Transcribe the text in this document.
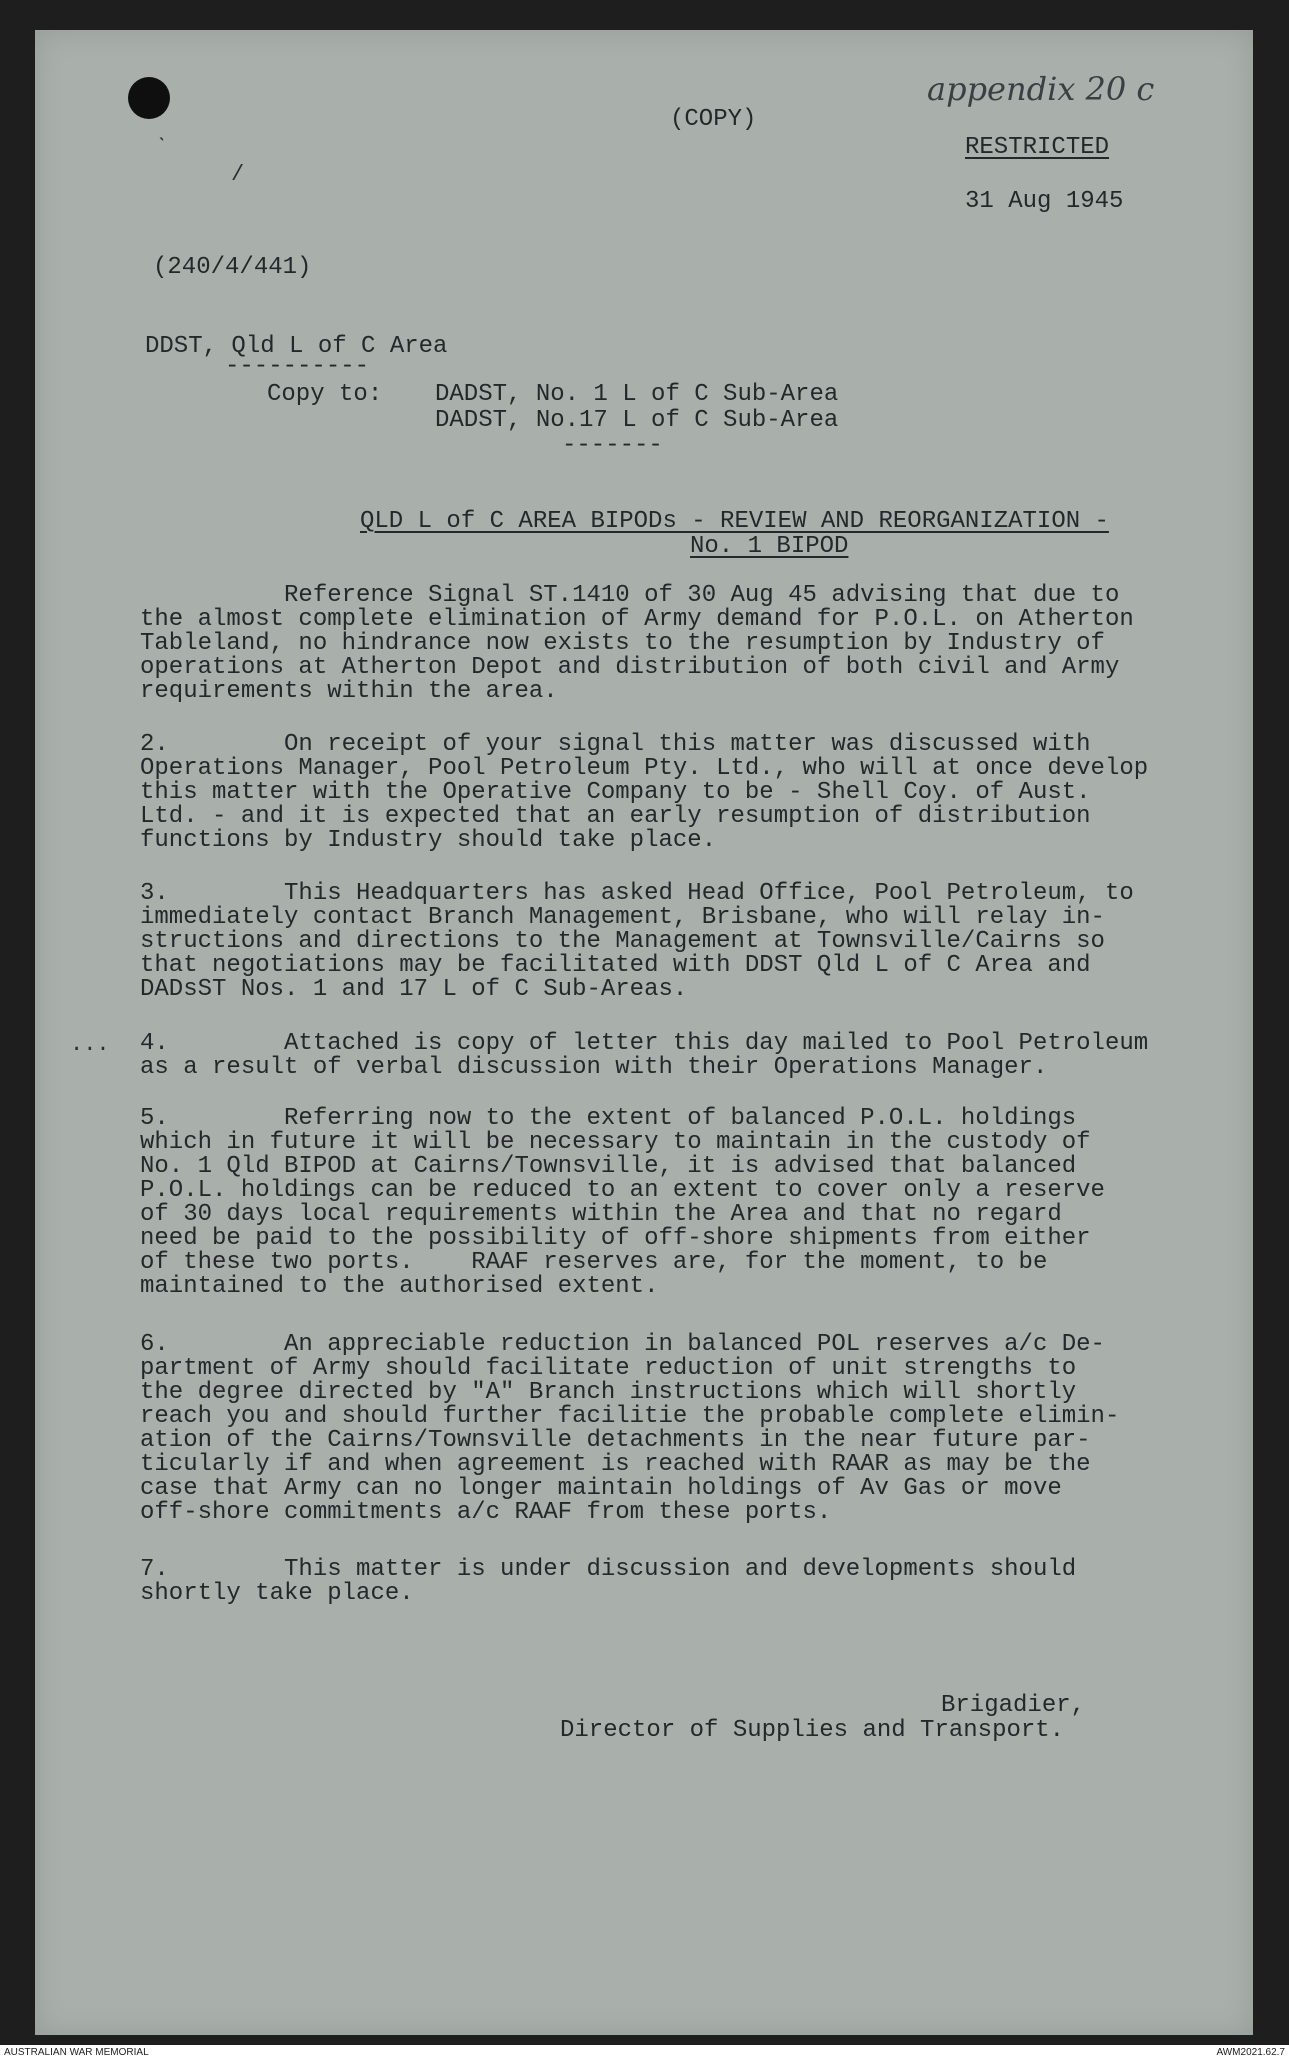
ˎ
/
appendix 20 c
(COPY)
RESTRICTED
31 Aug 1945
(240/4/441)
DDST, Qld L of C Area
----------
Copy to: DADST, No. 1 L of C Sub-Area
DADST, No.17 L of C Sub-Area
-------
QLD L of C AREA BIPODs - REVIEW AND REORGANIZATION -
No. 1 BIPOD
Reference Signal ST.1410 of 30 Aug 45 advising that due to
the almost complete elimination of Army demand for P.O.L. on Atherton
Tableland, no hindrance now exists to the resumption by Industry of
operations at Atherton Depot and distribution of both civil and Army
requirements within the area.
2.        On receipt of your signal this matter was discussed with
Operations Manager, Pool Petroleum Pty. Ltd., who will at once develop
this matter with the Operative Company to be - Shell Coy. of Aust.
Ltd. - and it is expected that an early resumption of distribution
functions by Industry should take place.
3.        This Headquarters has asked Head Office, Pool Petroleum, to
immediately contact Branch Management, Brisbane, who will relay in-
structions and directions to the Management at Townsville/Cairns so
that negotiations may be facilitated with DDST Qld L of C Area and
DADsST Nos. 1 and 17 L of C Sub-Areas.
... 4.        Attached is copy of letter this day mailed to Pool Petroleum
as a result of verbal discussion with their Operations Manager.
5.        Referring now to the extent of balanced P.O.L. holdings
which in future it will be necessary to maintain in the custody of
No. 1 Qld BIPOD at Cairns/Townsville, it is advised that balanced
P.O.L. holdings can be reduced to an extent to cover only a reserve
of 30 days local requirements within the Area and that no regard
need be paid to the possibility of off-shore shipments from either
of these two ports.    RAAF reserves are, for the moment, to be
maintained to the authorised extent.
6.        An appreciable reduction in balanced POL reserves a/c De-
partment of Army should facilitate reduction of unit strengths to
the degree directed by "A" Branch instructions which will shortly
reach you and should further facilitie the probable complete elimin-
ation of the Cairns/Townsville detachments in the near future par-
ticularly if and when agreement is reached with RAAR as may be the
case that Army can no longer maintain holdings of Av Gas or move
off-shore commitments a/c RAAF from these ports.
7.        This matter is under discussion and developments should
shortly take place.
Brigadier,
Director of Supplies and Transport.
AUSTRALIAN WAR MEMORIAL	AWM2021.62.7
